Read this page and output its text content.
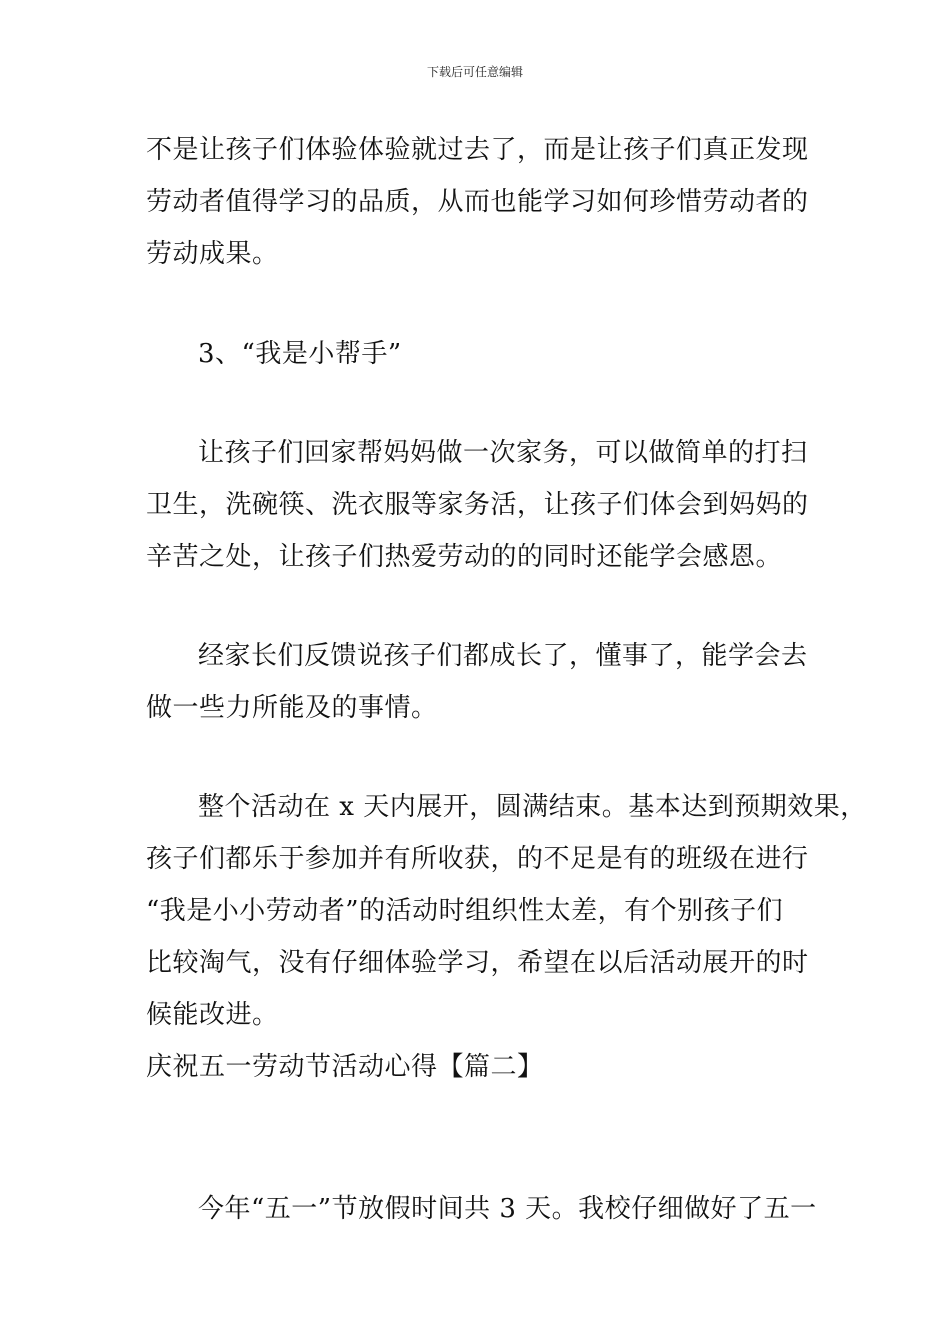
下载后可任意编辑

不是让孩子们体验体验就过去了，而是让孩子们真正发现
劳动者值得学习的品质，从而也能学习如何珍惜劳动者的
劳动成果。

3、“我是小帮手”

让孩子们回家帮妈妈做一次家务，可以做简单的打扫
卫生，洗碗筷、洗衣服等家务活，让孩子们体会到妈妈的
辛苦之处，让孩子们热爱劳动的的同时还能学会感恩。

经家长们反馈说孩子们都成长了，懂事了，能学会去
做一些力所能及的事情。

整个活动在 x 天内展开，圆满结束。基本达到预期效果，
孩子们都乐于参加并有所收获，的不足是有的班级在进行
“我是小小劳动者”的活动时组织性太差，有个别孩子们
比较淘气，没有仔细体验学习，希望在以后活动展开的时
候能改进。

庆祝五一劳动节活动心得【篇二】

今年“五一”节放假时间共 3 天。我校仔细做好了五一
